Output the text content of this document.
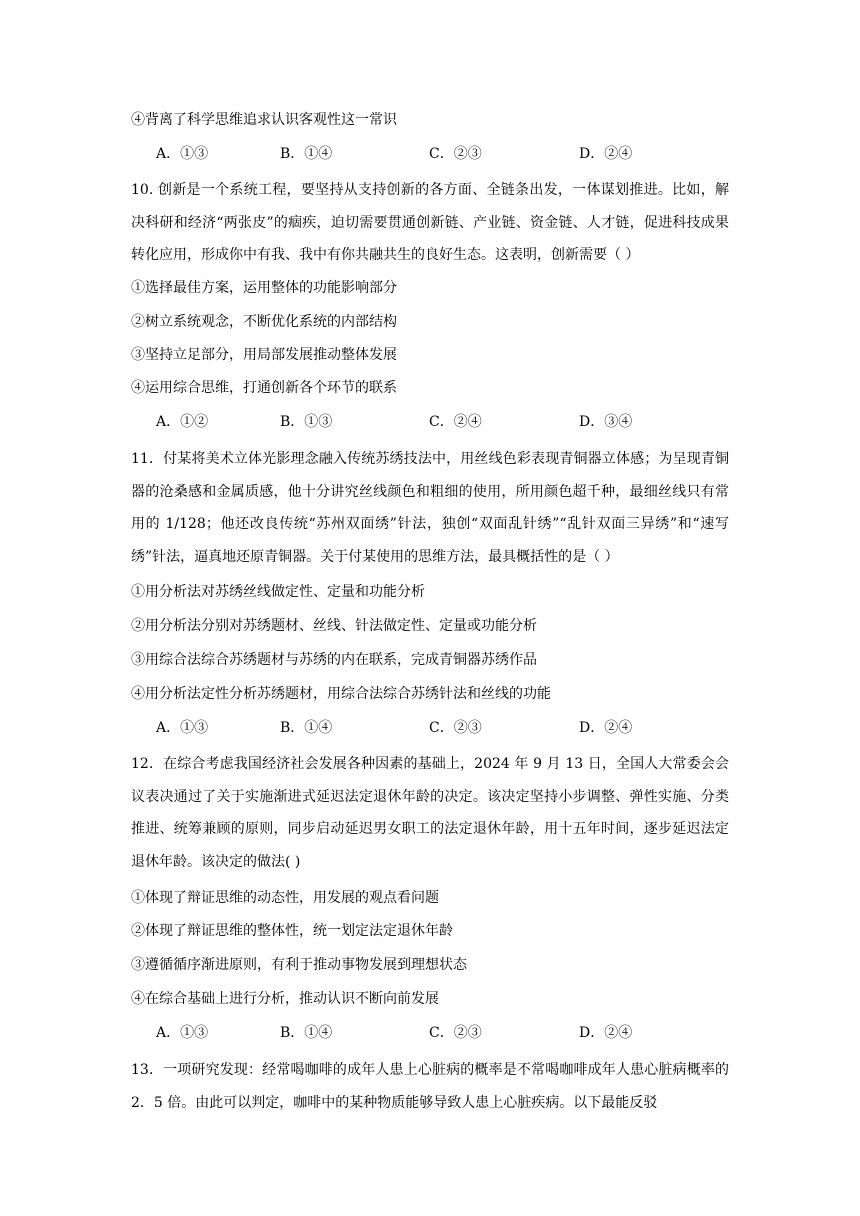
④背离了科学思维追求认识客观性这一常识
A．①③	B．①④	C．②③	D．②④
10. 创新是一个系统工程，要坚持从支持创新的各方面、全链条出发，一体谋划推进。比如，解决科研和经济“两张皮”的痼疾，迫切需要贯通创新链、产业链、资金链、人才链，促进科技成果转化应用，形成你中有我、我中有你共融共生的良好生态。这表明，创新需要（ ）
①选择最佳方案，运用整体的功能影响部分
②树立系统观念，不断优化系统的内部结构
③坚持立足部分，用局部发展推动整体发展
④运用综合思维，打通创新各个环节的联系
A．①②	B．①③	C．②④	D．③④
11．付某将美术立体光影理念融入传统苏绣技法中，用丝线色彩表现青铜器立体感；为呈现青铜器的沧桑感和金属质感，他十分讲究丝线颜色和粗细的使用，所用颜色超千种，最细丝线只有常用的 1/128；他还改良传统“苏州双面绣”针法，独创“双面乱针绣”“乱针双面三异绣”和“速写绣”针法，逼真地还原青铜器。关于付某使用的思维方法，最具概括性的是（ ）
①用分析法对苏绣丝线做定性、定量和功能分析
②用分析法分别对苏绣题材、丝线、针法做定性、定量或功能分析
③用综合法综合苏绣题材与苏绣的内在联系，完成青铜器苏绣作品
④用分析法定性分析苏绣题材，用综合法综合苏绣针法和丝线的功能
A．①③	B．①④	C．②③	D．②④
12．在综合考虑我国经济社会发展各种因素的基础上，2024 年 9 月 13 日，全国人大常委会会议表决通过了关于实施渐进式延迟法定退休年龄的决定。该决定坚持小步调整、弹性实施、分类推进、统筹兼顾的原则，同步启动延迟男女职工的法定退休年龄，用十五年时间，逐步延迟法定退休年龄。该决定的做法( )
①体现了辩证思维的动态性，用发展的观点看问题
②体现了辩证思维的整体性，统一划定法定退休年龄
③遵循循序渐进原则，有利于推动事物发展到理想状态
④在综合基础上进行分析，推动认识不断向前发展
A．①③	B．①④	C．②③	D．②④
13．一项研究发现：经常喝咖啡的成年人患上心脏病的概率是不常喝咖啡成年人患心脏病概率的 2．5 倍。由此可以判定，咖啡中的某种物质能够导致人患上心脏疾病。以下最能反驳
